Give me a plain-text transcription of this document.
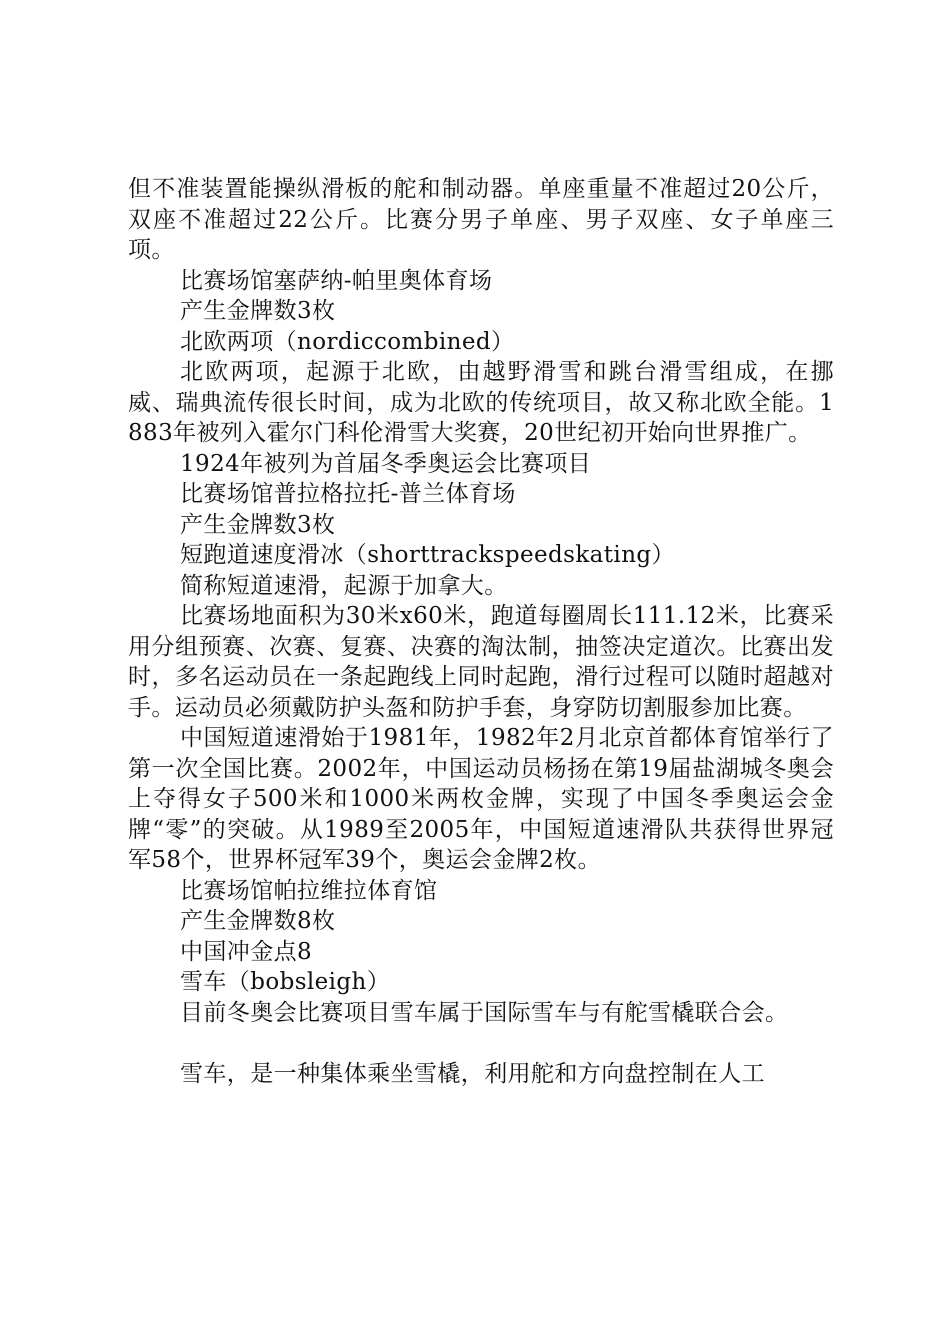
但不准装置能操纵滑板的舵和制动器。单座重量不准超过20公斤，双座不准超过22公斤。比赛分男子单座、男子双座、女子单座三项。

比赛场馆塞萨纳-帕里奥体育场

产生金牌数3枚

北欧两项（nordiccombined）

北欧两项，起源于北欧，由越野滑雪和跳台滑雪组成，在挪威、瑞典流传很长时间，成为北欧的传统项目，故又称北欧全能。1883年被列入霍尔门科伦滑雪大奖赛，20世纪初开始向世界推广。

1924年被列为首届冬季奥运会比赛项目

比赛场馆普拉格拉托-普兰体育场

产生金牌数3枚

短跑道速度滑冰（shorttrackspeedskating）

简称短道速滑，起源于加拿大。

比赛场地面积为30米x60米，跑道每圈周长111.12米，比赛采用分组预赛、次赛、复赛、决赛的淘汰制，抽签决定道次。比赛出发时，多名运动员在一条起跑线上同时起跑，滑行过程可以随时超越对手。运动员必须戴防护头盔和防护手套，身穿防切割服参加比赛。

中国短道速滑始于1981年，1982年2月北京首都体育馆举行了第一次全国比赛。2002年，中国运动员杨扬在第19届盐湖城冬奥会上夺得女子500米和1000米两枚金牌，实现了中国冬季奥运会金牌“零”的突破。从1989至2005年，中国短道速滑队共获得世界冠军58个，世界杯冠军39个，奥运会金牌2枚。

比赛场馆帕拉维拉体育馆

产生金牌数8枚

中国冲金点8

雪车（bobsleigh）

目前冬奥会比赛项目雪车属于国际雪车与有舵雪橇联合会。

雪车，是一种集体乘坐雪橇，利用舵和方向盘控制在人工
